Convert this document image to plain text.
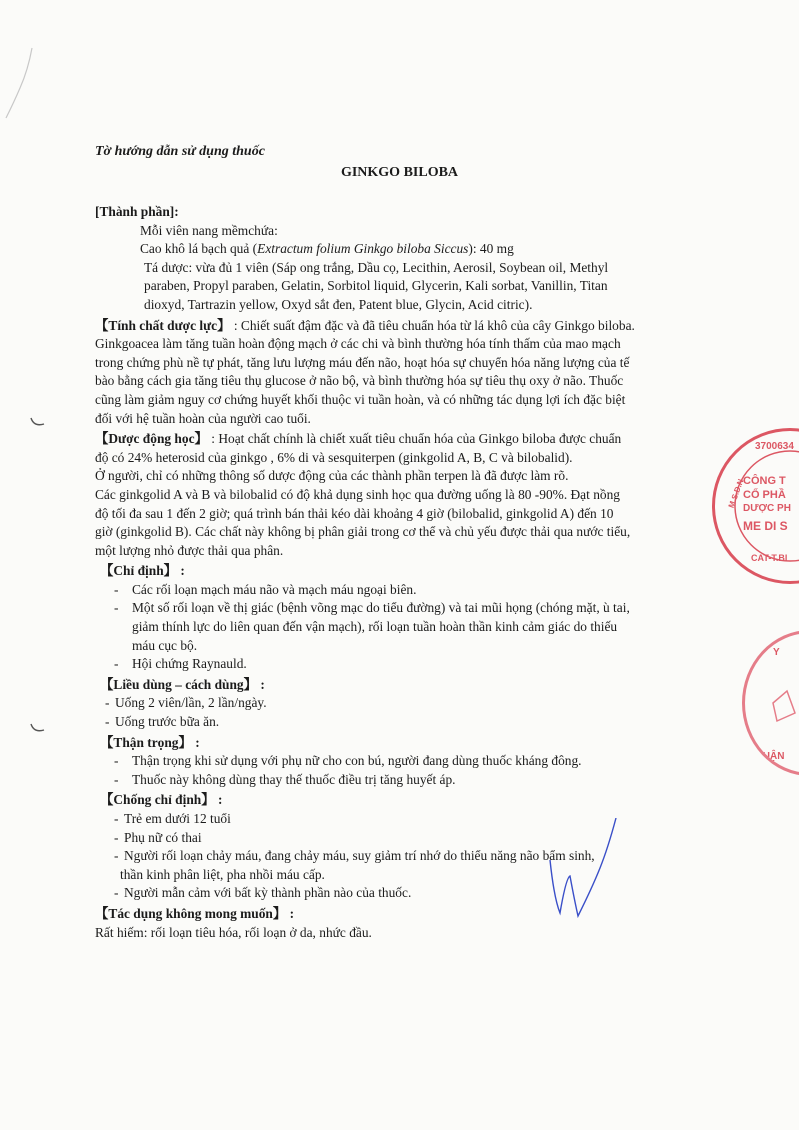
Tờ hướng dẫn sử dụng thuốc
GINKGO BILOBA

[Thành phần]:

Mỗi viên nang mềmchứa:

Cao khô lá bạch quả (Extractum folium Ginkgo biloba Siccus): 40 mg

Tá dược: vừa đủ 1 viên (Sáp ong trắng, Dầu cọ, Lecithin, Aerosil, Soybean oil, Methyl

paraben, Propyl paraben, Gelatin, Sorbitol liquid, Glycerin, Kali sorbat, Vanillin, Titan

dioxyd, Tartrazin yellow, Oxyd sắt đen, Patent blue, Glycin, Acid citric).

【Tính chất dược lực】 : Chiết suất đậm đặc và đã tiêu chuẩn hóa từ lá khô của cây Ginkgo biloba.

Ginkgoacea làm tăng tuần hoàn động mạch ở các chi và bình thường hóa tính thấm của mao mạch

trong chứng phù nề tự phát, tăng lưu lượng máu đến não, hoạt hóa sự chuyển hóa năng lượng của tế

bào bằng cách gia tăng tiêu thụ glucose ở não bộ, và bình thường hóa sự tiêu thụ oxy ở não. Thuốc

cũng làm giảm nguy cơ chứng huyết khối thuộc vi tuần hoàn, và có những tác dụng lợi ích đặc biệt

đối với hệ tuần hoàn của người cao tuổi.

【Dược động học】 : Hoạt chất chính là chiết xuất tiêu chuẩn hóa của Ginkgo biloba được chuẩn

độ có 24% heterosid của ginkgo , 6% di và sesquiterpen (ginkgolid A, B, C và bilobalid).

Ở người, chỉ có những thông số dược động của các thành phần terpen là đã được làm rõ.

Các ginkgolid A và B và bilobalid có độ khả dụng sinh học qua đường uống là 80 -90%. Đạt nồng

độ tối đa sau 1 đến 2 giờ; quá trình bán thải kéo dài khoảng 4 giờ (bilobalid, ginkgolid A) đến 10

giờ (ginkgolid B). Các chất này không bị phân giải trong cơ thể và chủ yếu được thải qua nước tiểu,

một lượng nhỏ được thải qua phân.

【Chỉ định】 :

- Các rối loạn mạch máu não và mạch máu ngoại biên.
- Một số rối loạn về thị giác (bệnh võng mạc do tiểu đường) và tai mũi họng (chóng mặt, ù tai,
giảm thính lực do liên quan đến vận mạch), rối loạn tuần hoàn thần kinh cảm giác do thiếu
máu cục bộ.
- Hội chứng Raynauld.

【Liều dùng – cách dùng】 :

- Uống 2 viên/lần, 2 lần/ngày.
- Uống trước bữa ăn.

【Thận trọng】 :

- Thận trọng khi sử dụng với phụ nữ cho con bú, người đang dùng thuốc kháng đông.
- Thuốc này không dùng thay thế thuốc điều trị tăng huyết áp.

【Chống chỉ định】 :

- Trẻ em dưới 12 tuổi
- Phụ nữ có thai
- Người rối loạn chảy máu, đang chảy máu, suy giảm trí nhớ do thiểu năng não bẩm sinh,
thần kinh phân liệt, pha nhồi máu cấp.
- Người mẫn cảm với bất kỳ thành phần nào của thuốc.

【Tác dụng không mong muốn】 :

Rất hiếm: rối loạn tiêu hóa, rối loạn ở da, nhức đầu.

3700634
CÔNG T
CỔ PHẦ
DƯỢC PH
ME DI S
CAT-T.BI
M.S.D.N
Y
QUẬN
